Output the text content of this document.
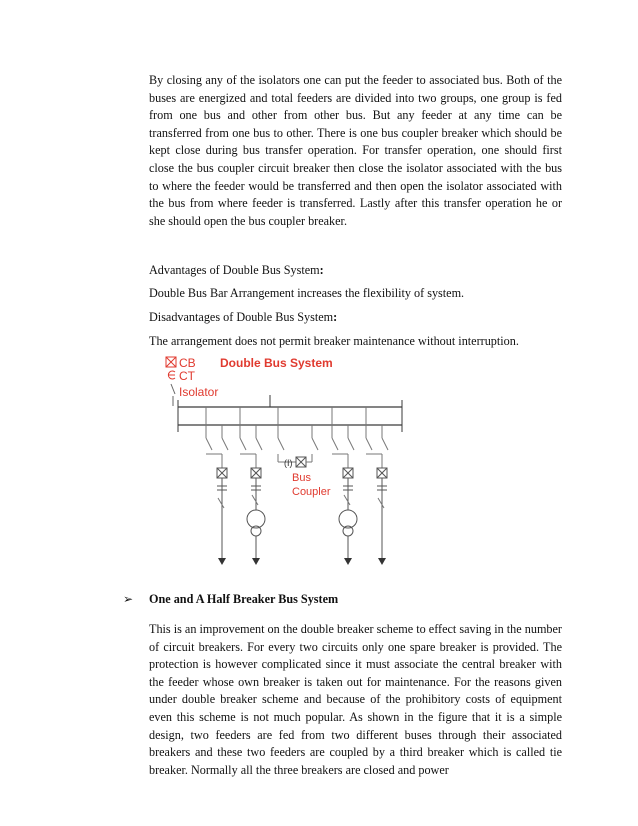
By closing any of the isolators one can put the feeder to associated bus. Both of the buses are energized and total feeders are divided into two groups, one group is fed from one bus and other from other bus. But any feeder at any time can be transferred from one bus to other. There is one bus coupler breaker which should be kept close during bus transfer operation. For transfer operation, one should first close the bus coupler circuit breaker then close the isolator associated with the bus to where the feeder would be transferred and then open the isolator associated with the bus from where feeder is transferred. Lastly after this transfer operation he or she should open the bus coupler breaker.

Advantages of Double Bus System:

Double Bus Bar Arrangement increases the flexibility of system.

Disadvantages of Double Bus System:

The arrangement does not permit breaker maintenance without interruption.

CB
CT
Isolator
Double Bus System
(I)
Bus
Coupler

➢	One and A Half Breaker Bus System

This is an improvement on the double breaker scheme to effect saving in the number of circuit breakers. For every two circuits only one spare breaker is provided. The protection is however complicated since it must associate the central breaker with the feeder whose own breaker is taken out for maintenance. For the reasons given under double breaker scheme and because of the prohibitory costs of equipment even this scheme is not much popular. As shown in the figure that it is a simple design, two feeders are fed from two different buses through their associated breakers and these two feeders are coupled by a third breaker which is called tie breaker. Normally all the three breakers are closed and power
